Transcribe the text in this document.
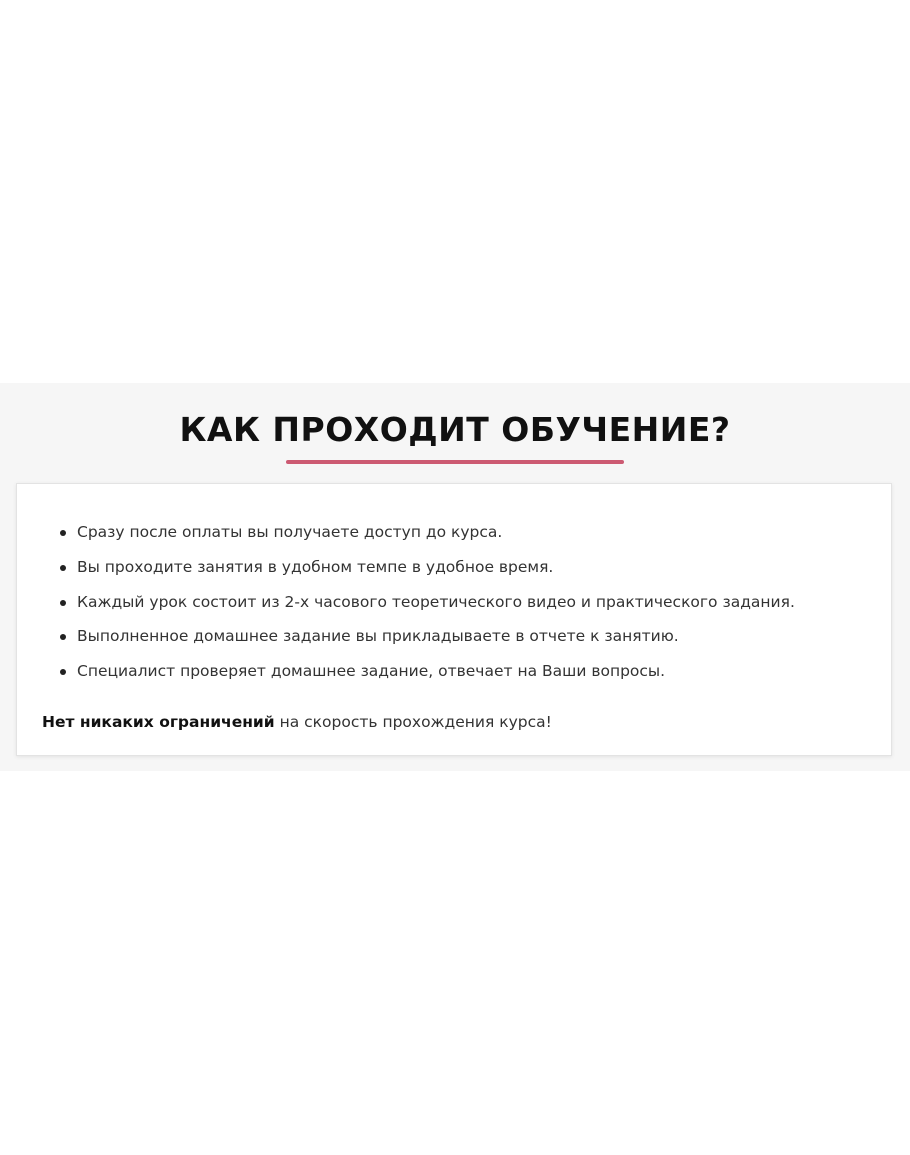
КАК ПРОХОДИТ ОБУЧЕНИЕ?
Сразу после оплаты вы получаете доступ до курса.
Вы проходите занятия в удобном темпе в удобное время.
Каждый урок состоит из 2-х часового теоретического видео и практического задания.
Выполненное домашнее задание вы прикладываете в отчете к занятию.
Специалист проверяет домашнее задание, отвечает на Ваши вопросы.
Нет никаких ограничений на скорость прохождения курса!
